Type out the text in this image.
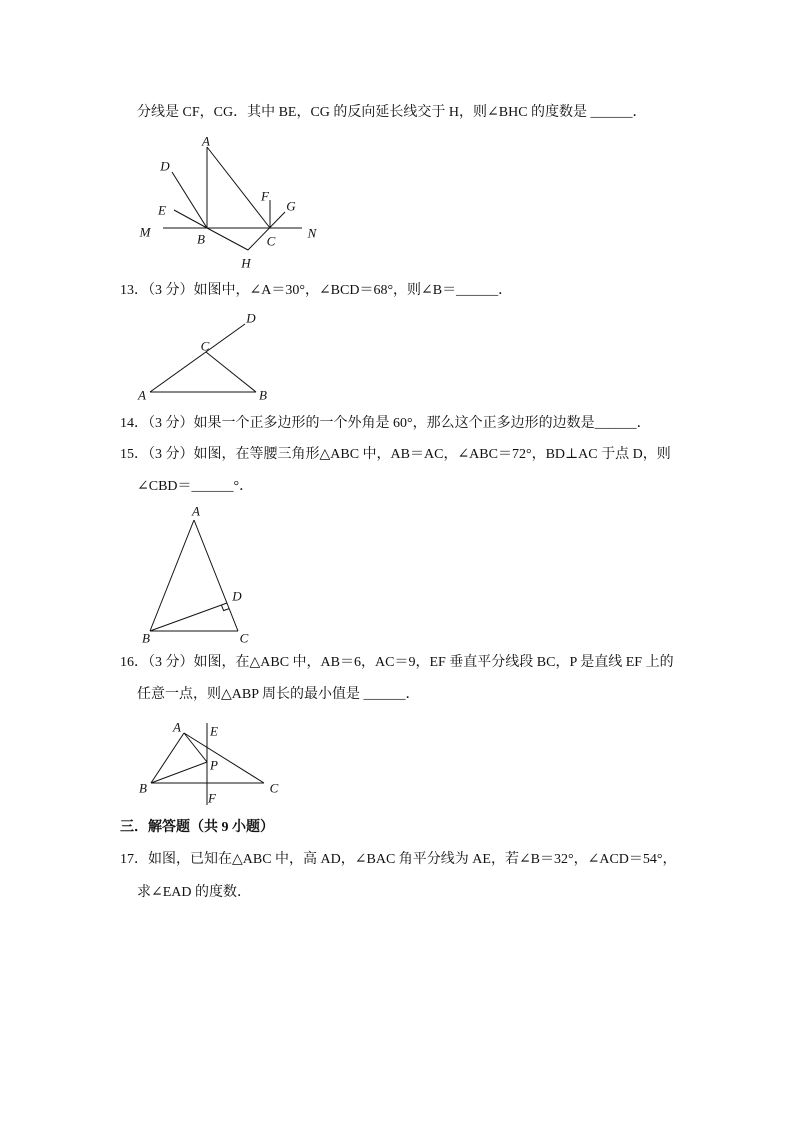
分线是 CF，CG．其中 BE，CG 的反向延长线交于 H，则∠BHC 的度数是 ______．
A
D
E
M	B
H
C
F
G
N
13．（3 分）如图中，∠A＝30°，∠BCD＝68°，则∠B＝______．
D
C
A	B
14．（3 分）如果一个正多边形的一个外角是 60°，那么这个正多边形的边数是______．
15．（3 分）如图，在等腰三角形△ABC 中，AB＝AC，∠ABC＝72°，BD⊥AC 于点 D，则
∠CBD＝______°．
A
D
B	C
16．（3 分）如图，在△ABC 中，AB＝6，AC＝9，EF 垂直平分线段 BC，P 是直线 EF 上的
任意一点，则△ABP 周长的最小值是 ______．
A E
P
B	C
F
三．解答题（共 9 小题）
17．如图，已知在△ABC 中，高 AD，∠BAC 角平分线为 AE，若∠B＝32°，∠ACD＝54°，
求∠EAD 的度数．
